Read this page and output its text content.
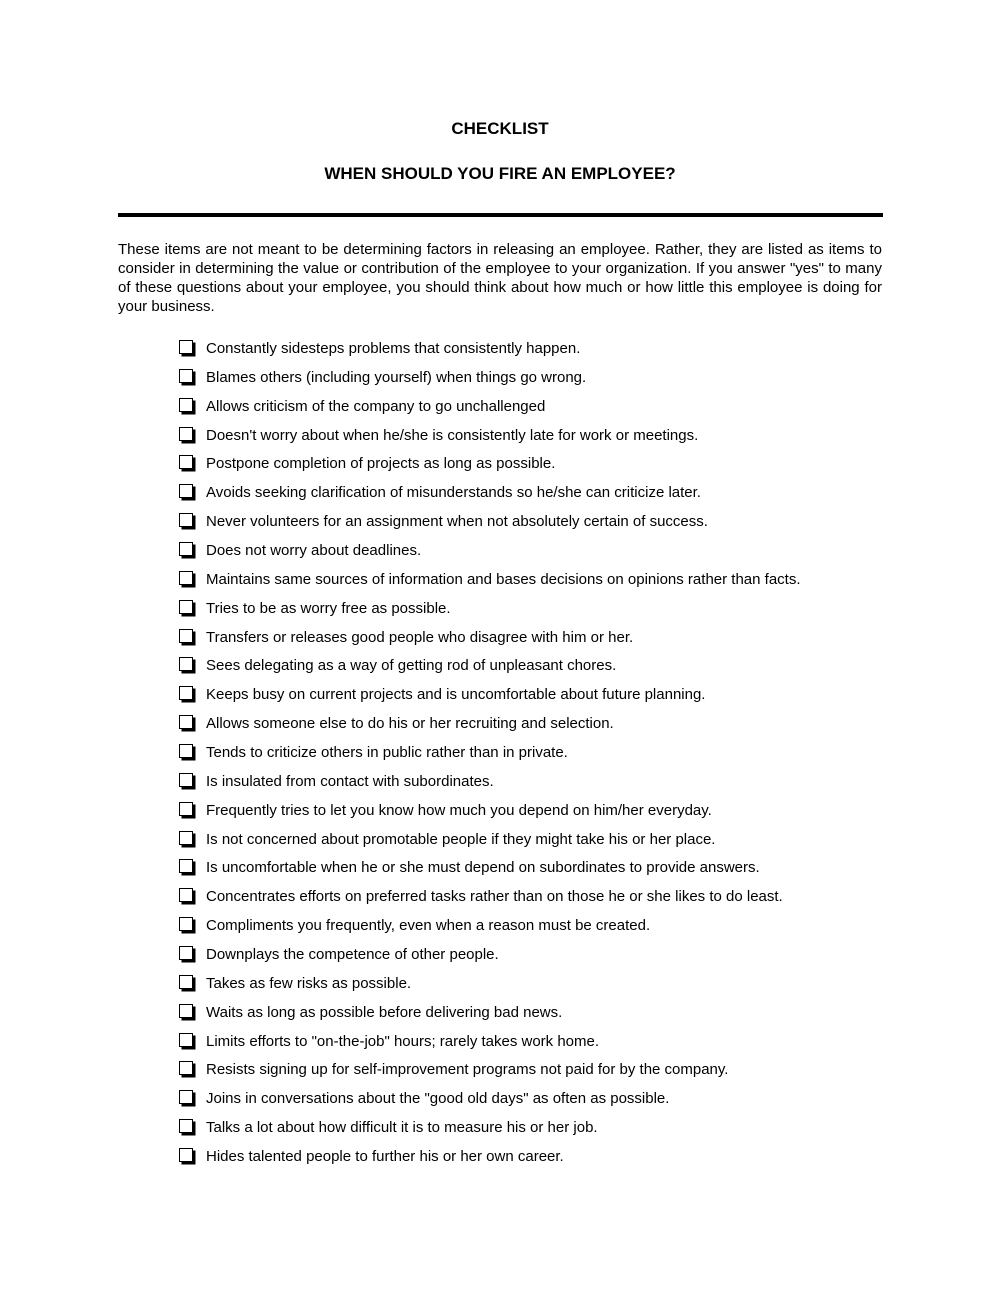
CHECKLIST
WHEN SHOULD YOU FIRE AN EMPLOYEE?

These items are not meant to be determining factors in releasing an employee. Rather, they are listed as items to consider in determining the value or contribution of the employee to your organization. If you answer "yes" to many of these questions about your employee, you should think about how much or how little this employee is doing for your business.

Constantly sidesteps problems that consistently happen.
Blames others (including yourself) when things go wrong.
Allows criticism of the company to go unchallenged
Doesn't worry about when he/she is consistently late for work or meetings.
Postpone completion of projects as long as possible.
Avoids seeking clarification of misunderstands so he/she can criticize later.
Never volunteers for an assignment when not absolutely certain of success.
Does not worry about deadlines.
Maintains same sources of information and bases decisions on opinions rather than facts.
Tries to be as worry free as possible.
Transfers or releases good people who disagree with him or her.
Sees delegating as a way of getting rod of unpleasant chores.
Keeps busy on current projects and is uncomfortable about future planning.
Allows someone else to do his or her recruiting and selection.
Tends to criticize others in public rather than in private.
Is insulated from contact with subordinates.
Frequently tries to let you know how much you depend on him/her everyday.
Is not concerned about promotable people if they might take his or her place.
Is uncomfortable when he or she must depend on subordinates to provide answers.
Concentrates efforts on preferred tasks rather than on those he or she likes to do least.
Compliments you frequently, even when a reason must be created.
Downplays the competence of other people.
Takes as few risks as possible.
Waits as long as possible before delivering bad news.
Limits efforts to "on-the-job" hours; rarely takes work home.
Resists signing up for self-improvement programs not paid for by the company.
Joins in conversations about the "good old days" as often as possible.
Talks a lot about how difficult it is to measure his or her job.
Hides talented people to further his or her own career.
